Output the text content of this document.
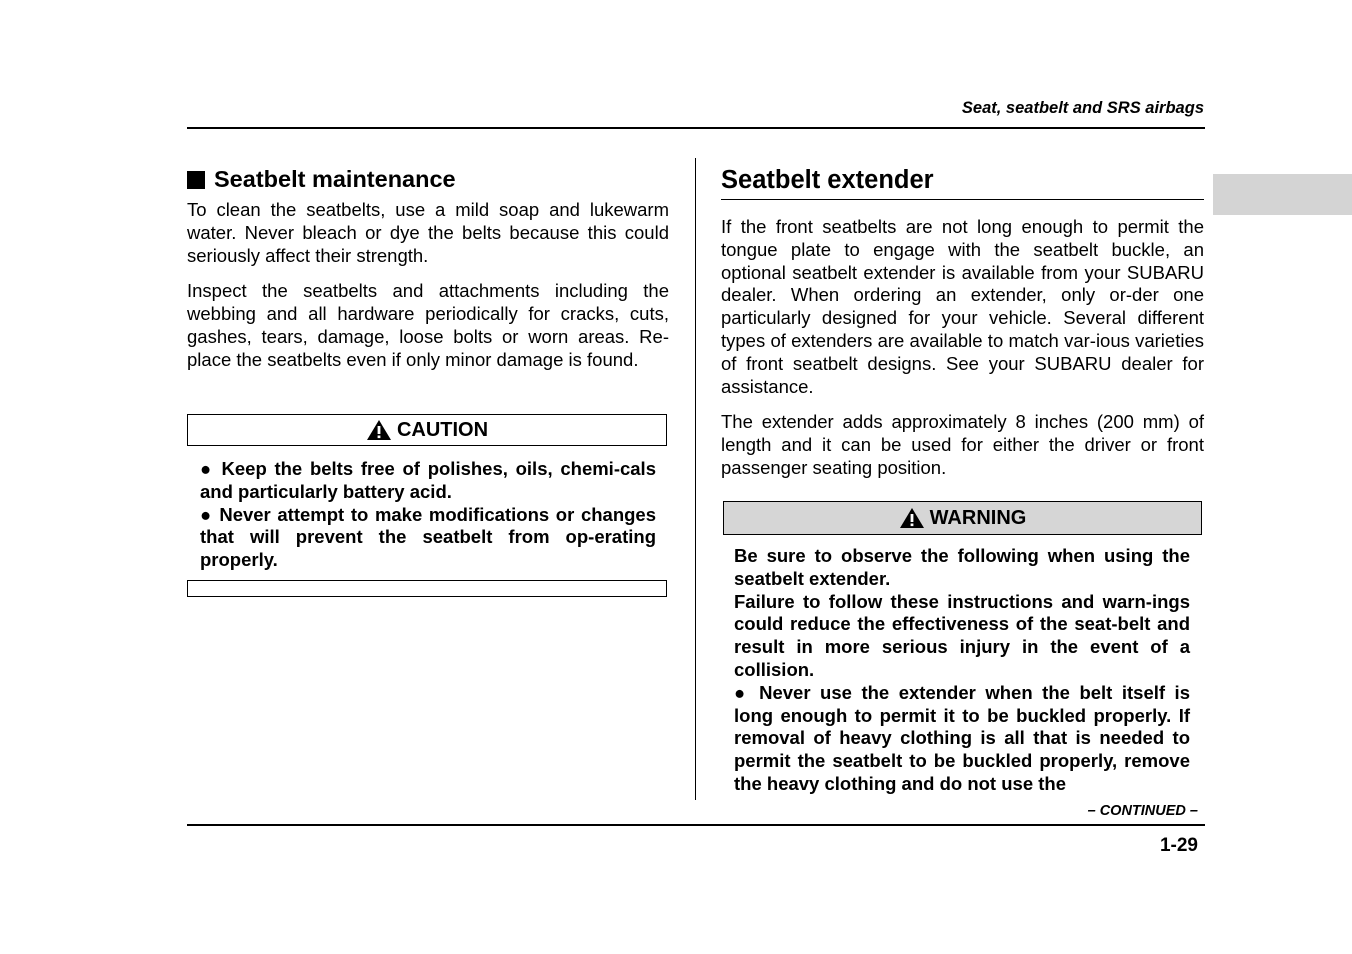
Seat, seatbelt and SRS airbags
Seatbelt maintenance

To clean the seatbelts, use a mild soap and lukewarm water. Never bleach or dye the belts because this could seriously affect their strength.

Inspect the seatbelts and attachments including the webbing and all hardware periodically for cracks, cuts, gashes, tears, damage, loose bolts or worn areas. Re-place the seatbelts even if only minor damage is found.

CAUTION

● Keep the belts free of polishes, oils, chemi-cals and particularly battery acid.

● Never attempt to make modifications or changes that will prevent the seatbelt from op-erating properly.

Seatbelt extender

If the front seatbelts are not long enough to permit the tongue plate to engage with the seatbelt buckle, an optional seatbelt extender is available from your SUBARU dealer. When ordering an extender, only or-der one particularly designed for your vehicle. Several different types of extenders are available to match var-ious varieties of front seatbelt designs. See your SUBARU dealer for assistance.

The extender adds approximately 8 inches (200 mm) of length and it can be used for either the driver or front passenger seating position.

WARNING

Be sure to observe the following when using the seatbelt extender.

Failure to follow these instructions and warn-ings could reduce the effectiveness of the seat-belt and result in more serious injury in the event of a collision.

● Never use the extender when the belt itself is long enough to permit it to be buckled properly. If removal of heavy clothing is all that is needed to permit the seatbelt to be buckled properly, remove the heavy clothing and do not use the

– CONTINUED –
1-29
